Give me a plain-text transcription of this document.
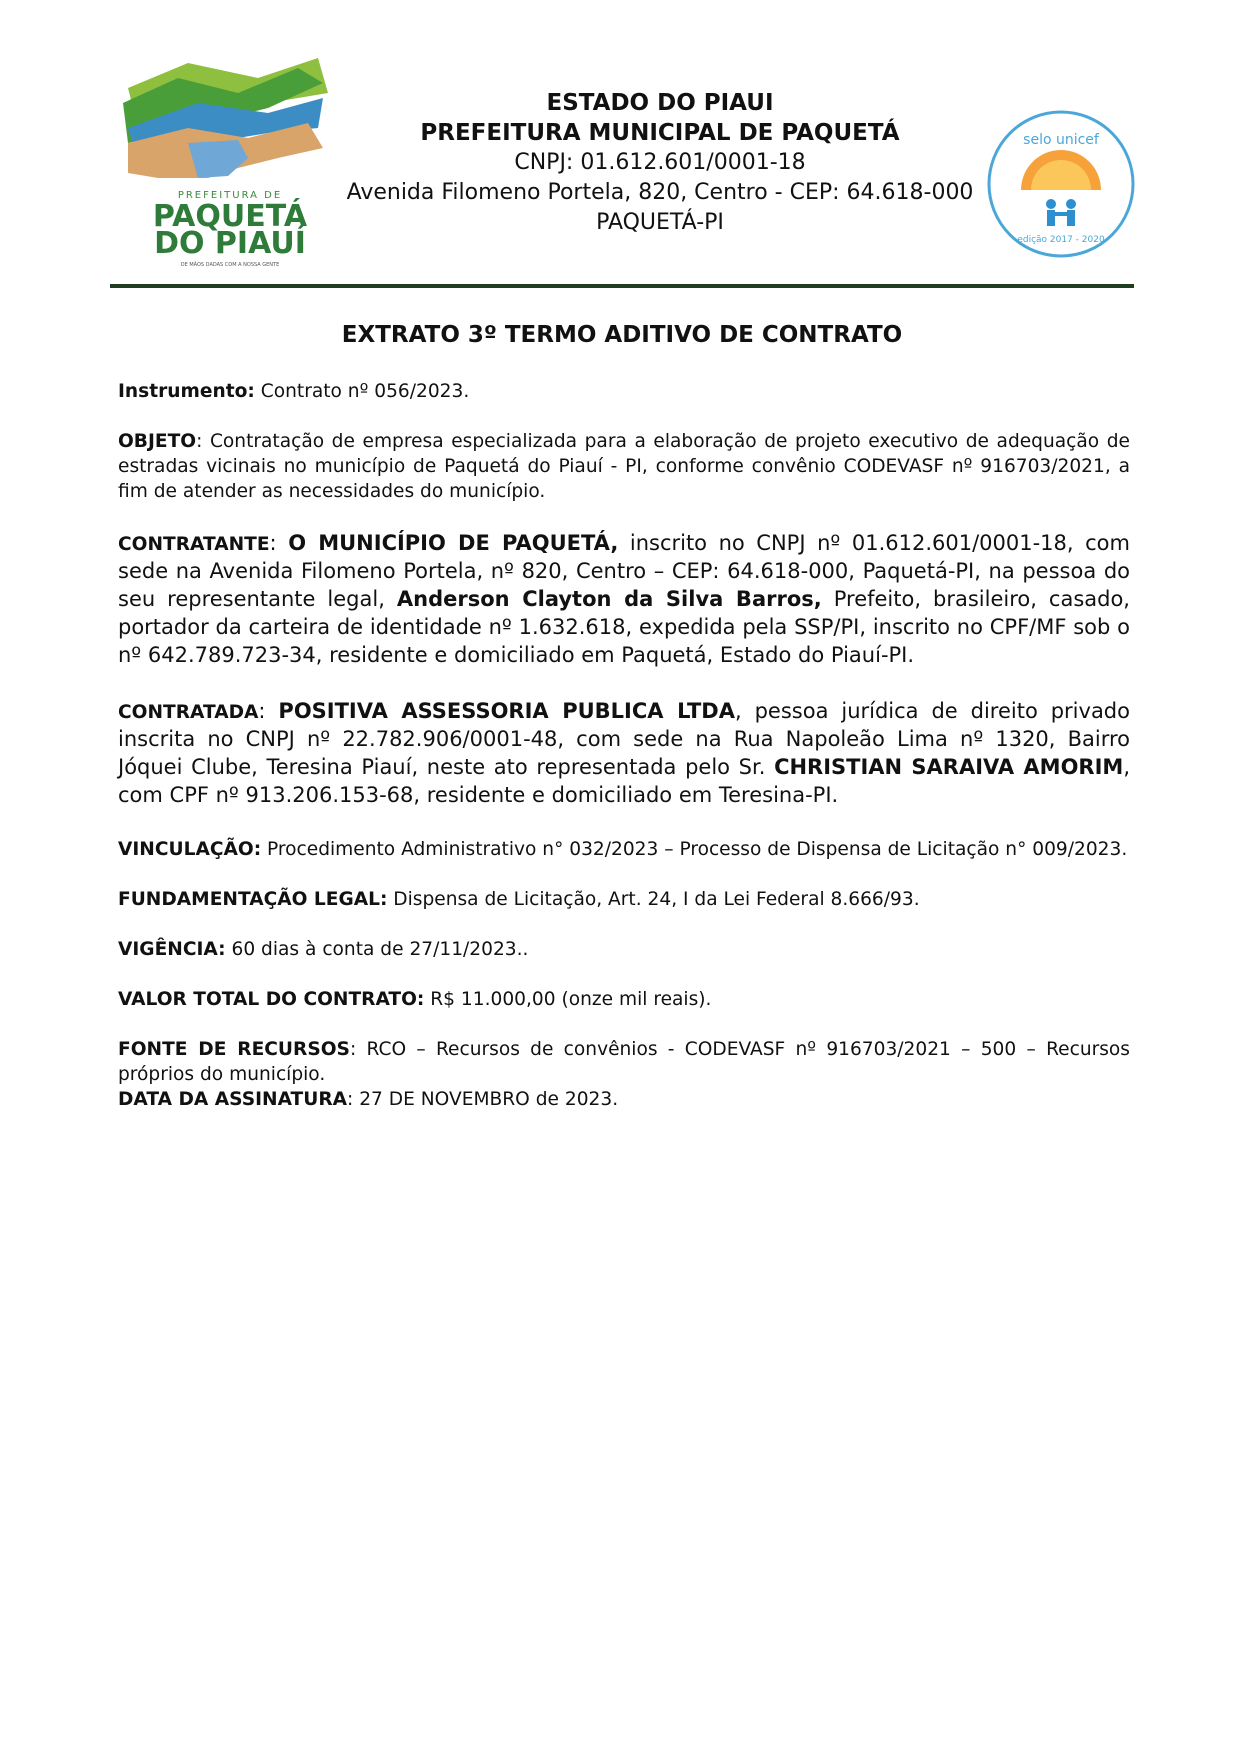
PREFEITURA DE
PAQUETÁ
DO PIAUÍ
DE MÃOS DADAS COM A NOSSA GENTE
ESTADO DO PIAUI
PREFEITURA MUNICIPAL DE PAQUETÁ
CNPJ: 01.612.601/0001-18
Avenida Filomeno Portela, 820, Centro - CEP: 64.618-000
PAQUETÁ-PI
selo unicef
edição 2017 - 2020
EXTRATO 3º TERMO ADITIVO DE CONTRATO

Instrumento: Contrato nº 056/2023.

OBJETO: Contratação de empresa especializada para a elaboração de projeto executivo de adequação de estradas vicinais no município de Paquetá do Piauí - PI, conforme convênio CODEVASF nº 916703/2021, a fim de atender as necessidades do município.

CONTRATANTE: O MUNICÍPIO DE PAQUETÁ, inscrito no CNPJ nº 01.612.601/0001-18, com sede na Avenida Filomeno Portela, nº 820, Centro – CEP: 64.618-000, Paquetá-PI, na pessoa do seu representante legal, Anderson Clayton da Silva Barros, Prefeito, brasileiro, casado, portador da carteira de identidade nº 1.632.618, expedida pela SSP/PI, inscrito no CPF/MF sob o nº 642.789.723-34, residente e domiciliado em Paquetá, Estado do Piauí-PI.

CONTRATADA: POSITIVA ASSESSORIA PUBLICA LTDA, pessoa jurídica de direito privado inscrita no CNPJ nº 22.782.906/0001-48, com sede na Rua Napoleão Lima nº 1320, Bairro Jóquei Clube, Teresina Piauí, neste ato representada pelo Sr. CHRISTIAN SARAIVA AMORIM, com CPF nº 913.206.153-68, residente e domiciliado em Teresina-PI.

VINCULAÇÃO: Procedimento Administrativo n° 032/2023 – Processo de Dispensa de Licitação n° 009/2023.

FUNDAMENTAÇÃO LEGAL: Dispensa de Licitação, Art. 24, I da Lei Federal 8.666/93.

VIGÊNCIA: 60 dias à conta de 27/11/2023..

VALOR TOTAL DO CONTRATO: R$ 11.000,00 (onze mil reais).

FONTE DE RECURSOS: RCO – Recursos de convênios - CODEVASF nº 916703/2021 – 500 – Recursos próprios do município.

DATA DA ASSINATURA: 27 DE NOVEMBRO de 2023.
